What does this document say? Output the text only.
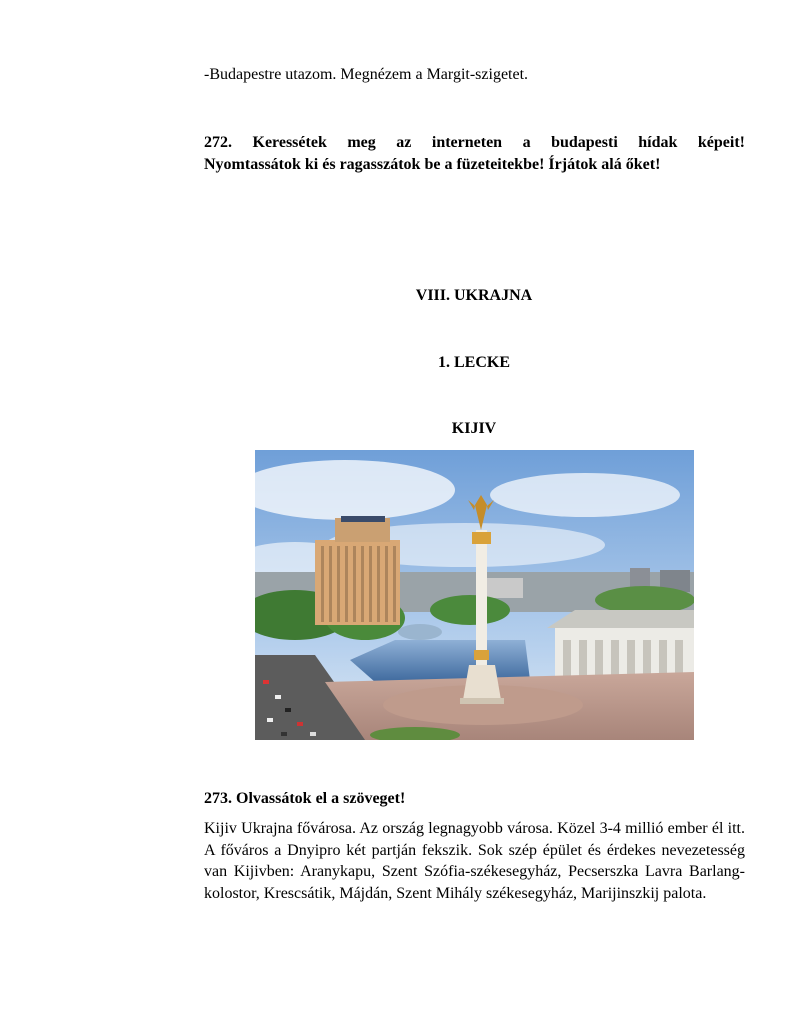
-Budapestre utazom. Megnézem a Margit-szigetet.
272. Keressétek meg az interneten a budapesti hídak képeit!
Nyomtassátok ki és ragasszátok be a füzeteitekbe! Írjátok alá őket!
VIII. UKRAJNA
1. LECKE
KIJIV
273. Olvassátok el a szöveget!
Kijiv Ukrajna fővárosa. Az ország legnagyobb városa. Közel 3-4 millió ember él itt. A főváros a Dnyipro két partján fekszik. Sok szép épület és érdekes nevezetesség van Kijivben: Aranykapu, Szent Szófia-székesegyház, Pecserszka Lavra Barlang-kolostor, Krescsátik, Májdán, Szent Mihály székesegyház, Marijinszkij palota.
